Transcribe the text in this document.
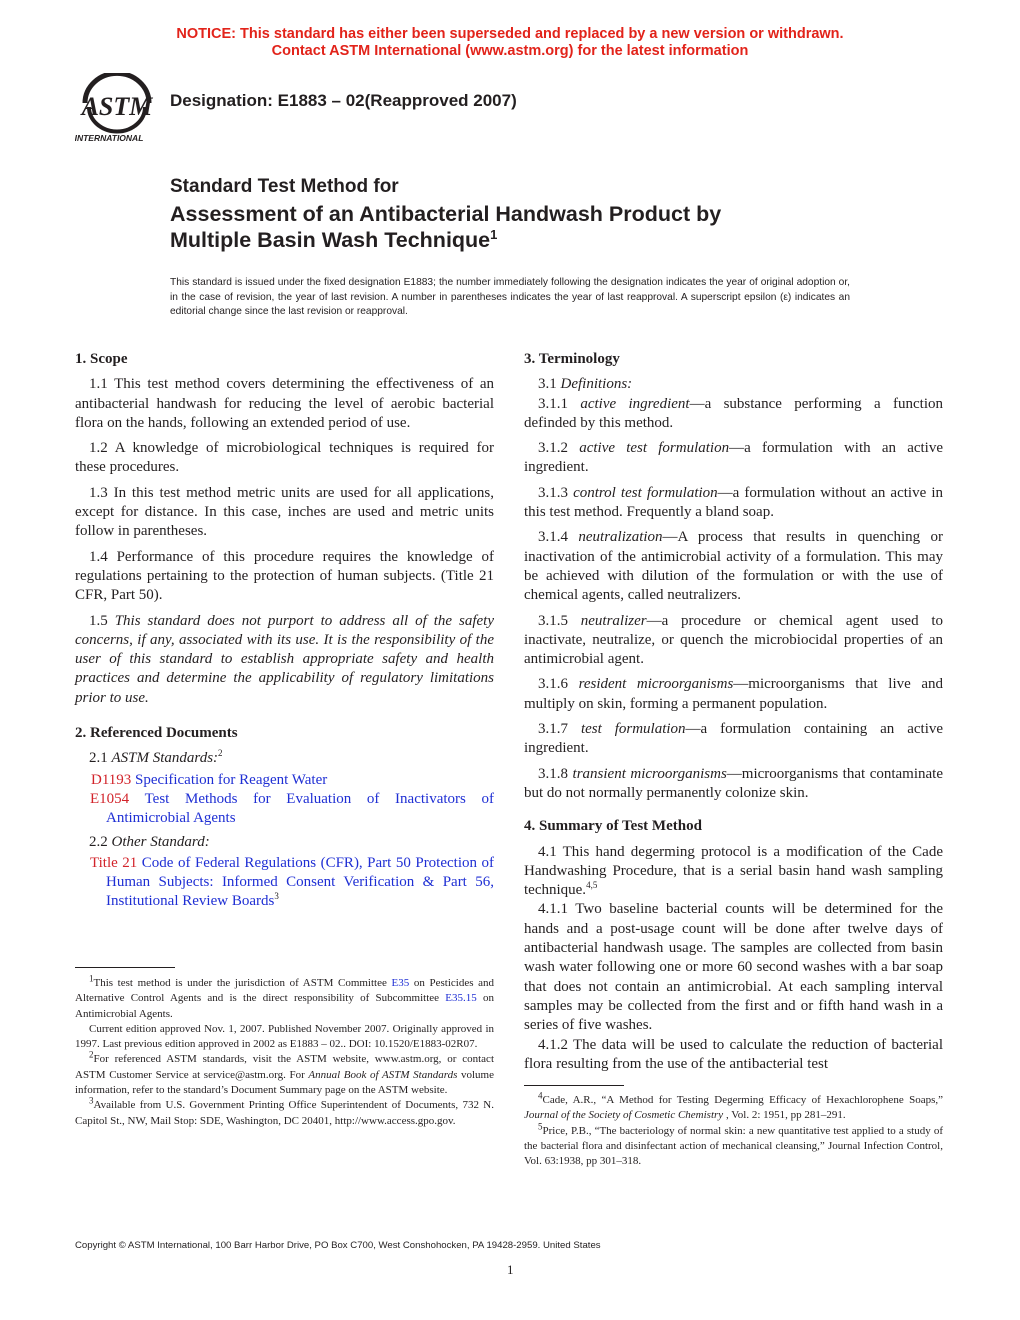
NOTICE: This standard has either been superseded and replaced by a new version or withdrawn.
Contact ASTM International (www.astm.org) for the latest information
ASTM
INTERNATIONAL
Designation: E1883 – 02(Reapproved 2007)
Standard Test Method for
Assessment of an Antibacterial Handwash Product by
Multiple Basin Wash Technique$^1$
This standard is issued under the fixed designation E1883; the number immediately following the designation indicates the year of original adoption or, in the case of revision, the year of last revision. A number in parentheses indicates the year of last reapproval. A superscript epsilon (ε) indicates an editorial change since the last revision or reapproval.
1. Scope
1.1 This test method covers determining the effectiveness of an antibacterial handwash for reducing the level of aerobic bacterial flora on the hands, following an extended period of use.
1.2 A knowledge of microbiological techniques is required for these procedures.
1.3 In this test method metric units are used for all applications, except for distance. In this case, inches are used and metric units follow in parentheses.
1.4 Performance of this procedure requires the knowledge of regulations pertaining to the protection of human subjects. (Title 21 CFR, Part 50).
1.5 This standard does not purport to address all of the safety concerns, if any, associated with its use. It is the responsibility of the user of this standard to establish appropriate safety and health practices and determine the applicability of regulatory limitations prior to use.
2. Referenced Documents
2.1 ASTM Standards:$^2$
D1193 Specification for Reagent Water
E1054 Test Methods for Evaluation of Inactivators of Antimicrobial Agents
2.2 Other Standard:
Title 21 Code of Federal Regulations (CFR), Part 50 Protection of Human Subjects: Informed Consent Verification & Part 56, Institutional Review Boards$^3$

$^1$This test method is under the jurisdiction of ASTM Committee E35 on Pesticides and Alternative Control Agents and is the direct responsibility of Subcommittee E35.15 on Antimicrobial Agents.

Current edition approved Nov. 1, 2007. Published November 2007. Originally approved in 1997. Last previous edition approved in 2002 as E1883 – 02.. DOI: 10.1520/E1883-02R07.

$^2$For referenced ASTM standards, visit the ASTM website, www.astm.org, or contact ASTM Customer Service at service@astm.org. For Annual Book of ASTM Standards volume information, refer to the standard’s Document Summary page on the ASTM website.

$^3$Available from U.S. Government Printing Office Superintendent of Documents, 732 N. Capitol St., NW, Mail Stop: SDE, Washington, DC 20401, http://www.access.gpo.gov.

3. Terminology
3.1 Definitions:
3.1.1 active ingredient—a substance performing a function definded by this method.
3.1.2 active test formulation—a formulation with an active ingredient.
3.1.3 control test formulation—a formulation without an active in this test method. Frequently a bland soap.
3.1.4 neutralization—A process that results in quenching or inactivation of the antimicrobial activity of a formulation. This may be achieved with dilution of the formulation or with the use of chemical agents, called neutralizers.
3.1.5 neutralizer—a procedure or chemical agent used to inactivate, neutralize, or quench the microbiocidal properties of an antimicrobial agent.
3.1.6 resident microorganisms—microorganisms that live and multiply on skin, forming a permanent population.
3.1.7 test formulation—a formulation containing an active ingredient.
3.1.8 transient microorganisms—microorganisms that contaminate but do not normally permanently colonize skin.
4. Summary of Test Method
4.1 This hand degerming protocol is a modification of the Cade Handwashing Procedure, that is a serial basin hand wash sampling technique.$^{4,5}$
4.1.1 Two baseline bacterial counts will be determined for the hands and a post-usage count will be done after twelve days of antibacterial handwash usage. The samples are collected from basin wash water following one or more 60 second washes with a bar soap that does not contain an antimicrobial. At each sampling interval samples may be collected from the first and or fifth hand wash in a series of five washes.
4.1.2 The data will be used to calculate the reduction of bacterial flora resulting from the use of the antibacterial test

$^4$Cade, A.R., “A Method for Testing Degerming Efficacy of Hexachlorophene Soaps,” Journal of the Society of Cosmetic Chemistry , Vol. 2: 1951, pp 281–291.

$^5$Price, P.B., “The bacteriology of normal skin: a new quantitative test applied to a study of the bacterial flora and disinfectant action of mechanical cleansing,” Journal Infection Control, Vol. 63:1938, pp 301–318.

Copyright © ASTM International, 100 Barr Harbor Drive, PO Box C700, West Conshohocken, PA 19428-2959. United States
1
